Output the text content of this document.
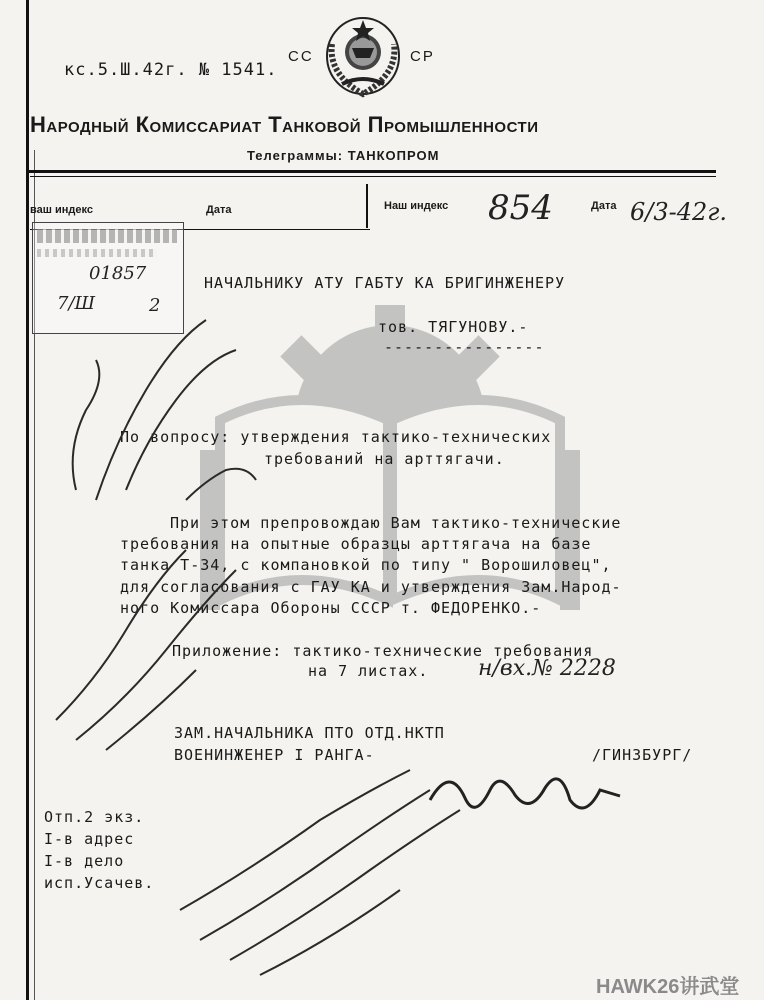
кс.5.Ш.42г. № 1541.
СС	СР
Народный Комиссариат Танковой Промышленности
Телеграммы: ТАНКОПРОМ
ваш индекс	Дата	Наш индекс 854	Дата 6/3-42г.
01857
7/Ш	2
НАЧАЛЬНИКУ АТУ ГАБТУ КА БРИГИНЖЕНЕРУ
тов. ТЯГУНОВУ.-
----------------
По вопросу: утверждения тактико-технических
требований на арттягачи.
При этом препровождаю Вам тактико-технические
требования на опытные образцы арттягача на базе
танка Т-34, с компановкой по типу " Ворошиловец",
для согласования с ГАУ КА и утверждения Зам.Народ-
ного Комиссара Обороны СССР т. ФЕДОРЕНКО.-
Приложение: тактико-технические требования
на 7 листах. н/вх.№ 2228
ЗАМ.НАЧАЛЬНИКА ПТО ОТД.НКТП
ВОЕНИНЖЕНЕР I РАНГА-	/ГИНЗБУРГ/
Отп.2 экз.
I-в адрес
I-в дело
исп.Усачев.
HAWK26讲武堂
